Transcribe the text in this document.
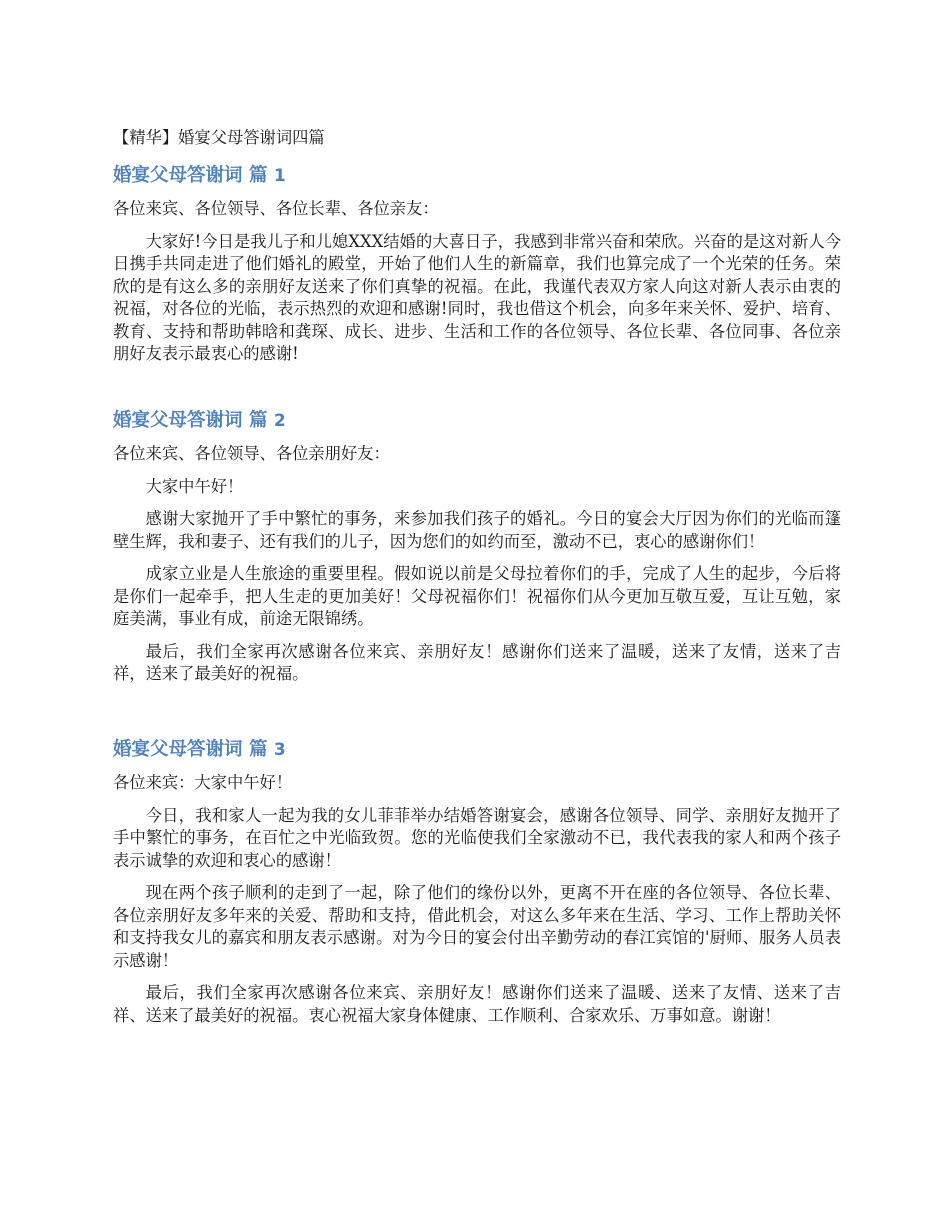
【精华】婚宴父母答谢词四篇
婚宴父母答谢词 篇 1

各位来宾、各位领导、各位长辈、各位亲友：

大家好!今日是我儿子和儿媳XXX结婚的大喜日子，我感到非常兴奋和荣欣。兴奋的是这对新人今日携手共同走进了他们婚礼的殿堂，开始了他们人生的新篇章，我们也算完成了一个光荣的任务。荣欣的是有这么多的亲朋好友送来了你们真挚的祝福。在此，我谨代表双方家人向这对新人表示由衷的祝福，对各位的光临，表示热烈的欢迎和感谢!同时，我也借这个机会，向多年来关怀、爱护、培育、教育、支持和帮助韩晗和龚琛、成长、进步、生活和工作的各位领导、各位长辈、各位同事、各位亲朋好友表示最衷心的感谢!

婚宴父母答谢词 篇 2

各位来宾、各位领导、各位亲朋好友：

大家中午好！

感谢大家抛开了手中繁忙的事务，来参加我们孩子的婚礼。今日的宴会大厅因为你们的光临而篷壁生辉，我和妻子、还有我们的儿子，因为您们的如约而至，激动不已，衷心的感谢你们！

成家立业是人生旅途的重要里程。假如说以前是父母拉着你们的手，完成了人生的起步，今后将是你们一起牵手，把人生走的更加美好！父母祝福你们！祝福你们从今更加互敬互爱，互让互勉，家庭美满，事业有成，前途无限锦绣。

最后，我们全家再次感谢各位来宾、亲朋好友！感谢你们送来了温暖，送来了友情，送来了吉祥，送来了最美好的祝福。

婚宴父母答谢词 篇 3

各位来宾：大家中午好！

今日，我和家人一起为我的女儿菲菲举办结婚答谢宴会，感谢各位领导、同学、亲朋好友抛开了手中繁忙的事务，在百忙之中光临致贺。您的光临使我们全家激动不已，我代表我的家人和两个孩子表示诚挚的欢迎和衷心的感谢！

现在两个孩子顺利的走到了一起，除了他们的缘份以外，更离不开在座的各位领导、各位长辈、各位亲朋好友多年来的关爱、帮助和支持，借此机会，对这么多年来在生活、学习、工作上帮助关怀和支持我女儿的嘉宾和朋友表示感谢。对为今日的宴会付出辛勤劳动的春江宾馆的'厨师、服务人员表示感谢！

最后，我们全家再次感谢各位来宾、亲朋好友！感谢你们送来了温暖、送来了友情、送来了吉祥、送来了最美好的祝福。衷心祝福大家身体健康、工作顺利、合家欢乐、万事如意。谢谢！
